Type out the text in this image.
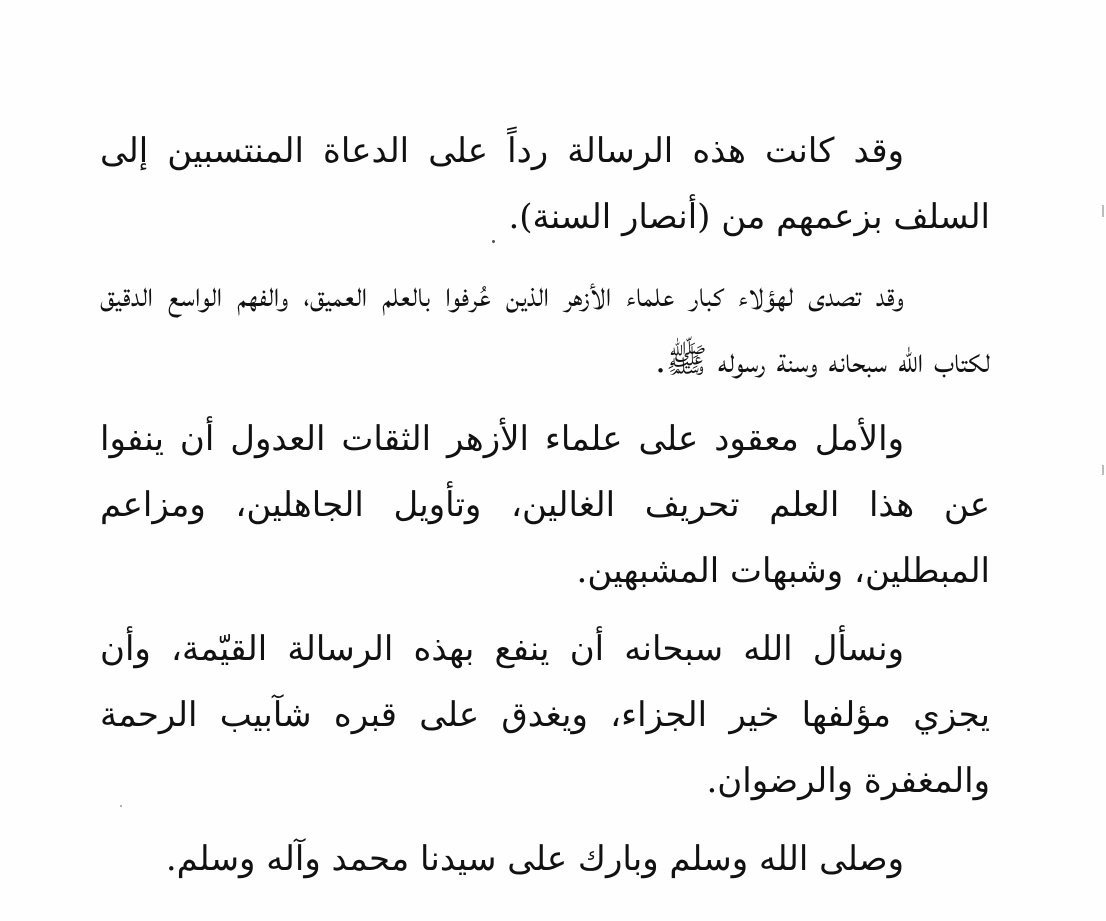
وقد كانت هذه الرسالة رداً على الدعاة المنتسبين إلى السلف بزعمهم من (أنصار السنة).

وقد تصدى لهؤلاء كبار علماء الأزهر الذين عُرفوا بالعلم العميق، والفهم الواسع الدقيق لكتاب الله سبحانه وسنة رسوله ﷺ.

والأمل معقود على علماء الأزهر الثقات العدول أن ينفوا عن هذا العلم تحريف الغالين، وتأويل الجاهلين، ومزاعم المبطلين، وشبهات المشبهين.

ونسأل الله سبحانه أن ينفع بهذه الرسالة القيّمة، وأن يجزي مؤلفها خير الجزاء، ويغدق على قبره شآبيب الرحمة والمغفرة والرضوان.

وصلى الله وسلم وبارك على سيدنا محمد وآله وسلم.
